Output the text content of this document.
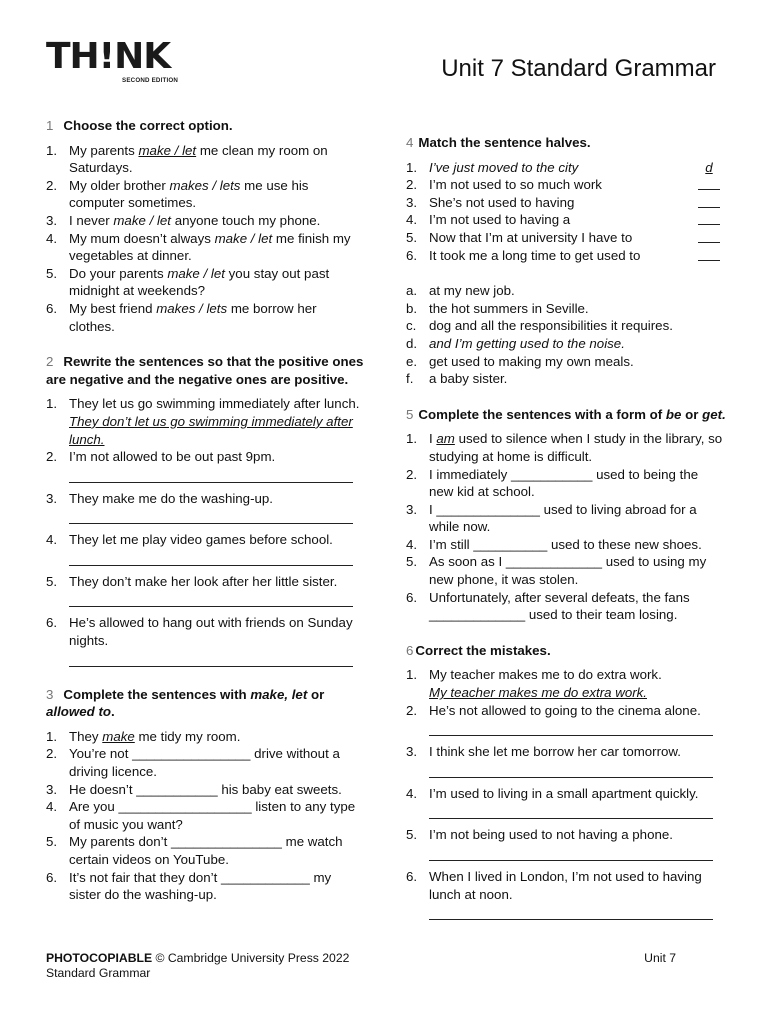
TH!NK
SECOND EDITION	Unit 7 Standard Grammar
1 Choose the correct option.
1. My parents make / let me clean my room on Saturdays.
2. My older brother makes / lets me use his computer sometimes.
3. I never make / let anyone touch my phone.
4. My mum doesn’t always make / let me finish my vegetables at dinner.
5. Do your parents make / let you stay out past midnight at weekends?
6. My best friend makes / lets me borrow her clothes.
2 Rewrite the sentences so that the positive ones are negative and the negative ones are positive.
1. They let us go swimming immediately after lunch.
They don’t let us go swimming immediately after lunch.
2. I’m not allowed to be out past 9pm.
3. They make me do the washing-up.
4. They let me play video games before school.
5. They don’t make her look after her little sister.
6. He’s allowed to hang out with friends on Sunday nights.
3 Complete the sentences with make, let or allowed to.
1. They make me tidy my room.
2. You’re not ________________ drive without a driving licence.
3. He doesn’t ___________ his baby eat sweets.
4. Are you __________________ listen to any type of music you want?
5. My parents don’t _______________ me watch certain videos on YouTube.
6. It’s not fair that they don’t ____________ my sister do the washing-up.
4 Match the sentence halves.
1. I’ve just moved to the city	d
2. I’m not used to so much work
3. She’s not used to having
4. I’m not used to having a
5. Now that I’m at university I have to
6. It took me a long time to get used to
a. at my new job.
b. the hot summers in Seville.
c. dog and all the responsibilities it requires.
d. and I’m getting used to the noise.
e. get used to making my own meals.
f. a baby sister.
5 Complete the sentences with a form of be or get.
1. I am used to silence when I study in the library, so studying at home is difficult.
2. I immediately ___________ used to being the new kid at school.
3. I ______________ used to living abroad for a while now.
4. I’m still __________ used to these new shoes.
5. As soon as I _____________ used to using my new phone, it was stolen.
6. Unfortunately, after several defeats, the fans _____________ used to their team losing.
6 Correct the mistakes.
1. My teacher makes me to do extra work.
My teacher makes me do extra work.
2. He’s not allowed to going to the cinema alone.
3. I think she let me borrow her car tomorrow.
4. I’m used to living in a small apartment quickly.
5. I’m not being used to not having a phone.
6. When I lived in London, I’m not used to having lunch at noon.
PHOTOCOPIABLE © Cambridge University Press 2022
Standard Grammar
Unit 7
